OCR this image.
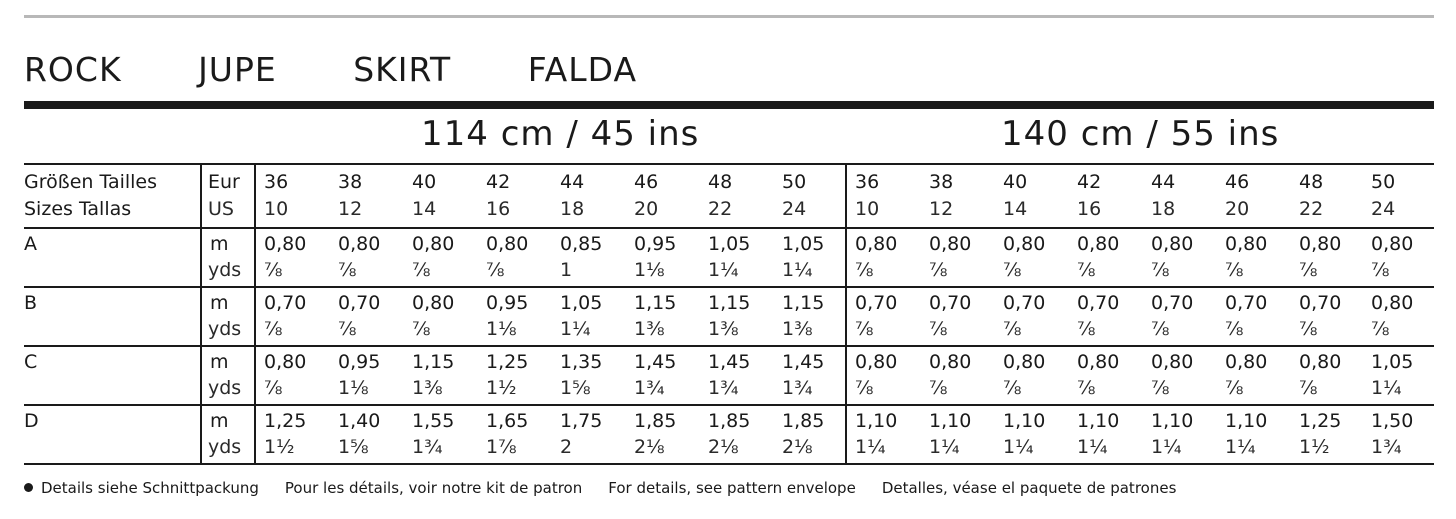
ROCK JUPE SKIRT FALDA
114 cm / 45 ins	140 cm / 55 ins
Größen Tailles
Sizes Tallas
Eur
US
36	38	40	42	44	46	48	50	36	38	40	42	44	46	48	50
10	12	14	16	18	20	22	24	10	12	14	16	18	20	22	24
A	m
yds
0,80 0,80 0,80 0,80 0,85 0,95 1,05 1,05 0,80 0,80 0,80 0,80 0,80 0,80 0,80 0,80
⅞	⅞	⅞	⅞	1	1⅛ 1¼ 1¼ ⅞	⅞	⅞	⅞	⅞	⅞	⅞	⅞
B	m
yds
0,70 0,70 0,80 0,95 1,05 1,15 1,15 1,15 0,70 0,70 0,70 0,70 0,70 0,70 0,70 0,80
⅞	⅞	⅞	1⅛ 1¼ 1⅜ 1⅜ 1⅜ ⅞	⅞	⅞	⅞	⅞	⅞	⅞	⅞
C	m
yds
0,80 0,95 1,15 1,25 1,35 1,45 1,45 1,45 0,80 0,80 0,80 0,80 0,80 0,80 0,80 1,05
⅞	1⅛ 1⅜ 1½ 1⅝ 1¾ 1¾ 1¾ ⅞	⅞	⅞	⅞	⅞	⅞	⅞	1¼
D	m
yds
1,25 1,40 1,55 1,65 1,75 1,85 1,85 1,85 1,10 1,10 1,10 1,10 1,10 1,10 1,25 1,50
1½ 1⅝ 1¾ 1⅞ 2	2⅛ 2⅛ 2⅛ 1¼ 1¼ 1¼ 1¼ 1¼ 1¼ 1½ 1¾
Details siehe Schnittpackung Pour les détails, voir notre kit de patron For details, see pattern envelope Detalles, véase el paquete de patrones
